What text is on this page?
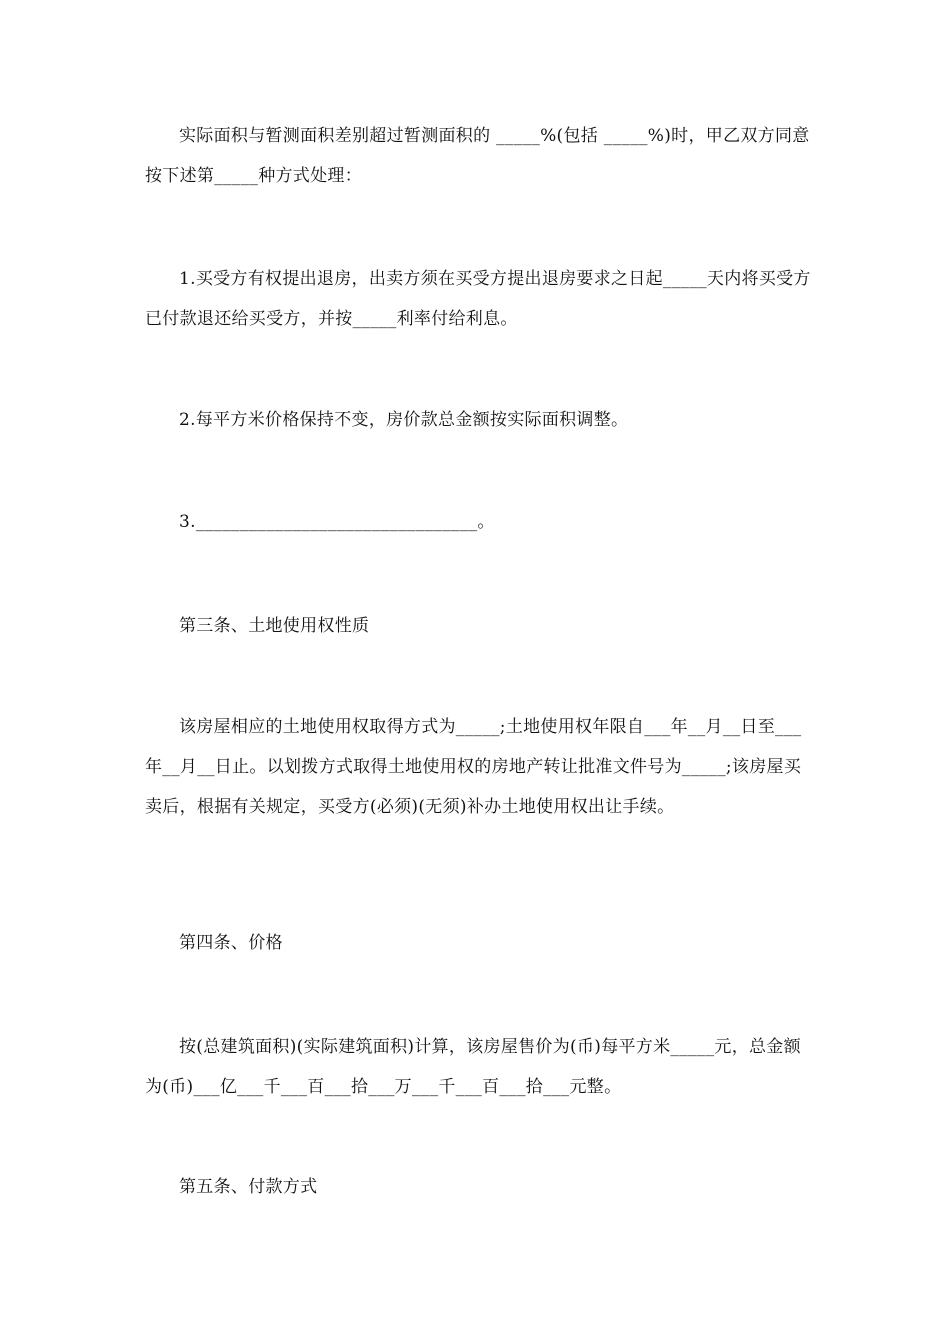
实际面积与暂测面积差别超过暂测面积的 _____%(包括 _____%)时，甲乙双方同意按下述第_____种方式处理：

1.买受方有权提出退房，出卖方须在买受方提出退房要求之日起_____天内将买受方已付款退还给买受方，并按_____利率付给利息。

2.每平方米价格保持不变，房价款总金额按实际面积调整。

3.________________________________。

第三条、土地使用权性质

该房屋相应的土地使用权取得方式为_____;土地使用权年限自___年__月__日至___年__月__日止。以划拨方式取得土地使用权的房地产转让批准文件号为_____;该房屋买卖后，根据有关规定，买受方(必须)(无须)补办土地使用权出让手续。

第四条、价格

按(总建筑面积)(实际建筑面积)计算，该房屋售价为(币)每平方米_____元，总金额为(币)___亿___千___百___拾___万___千___百___拾___元整。

第五条、付款方式
